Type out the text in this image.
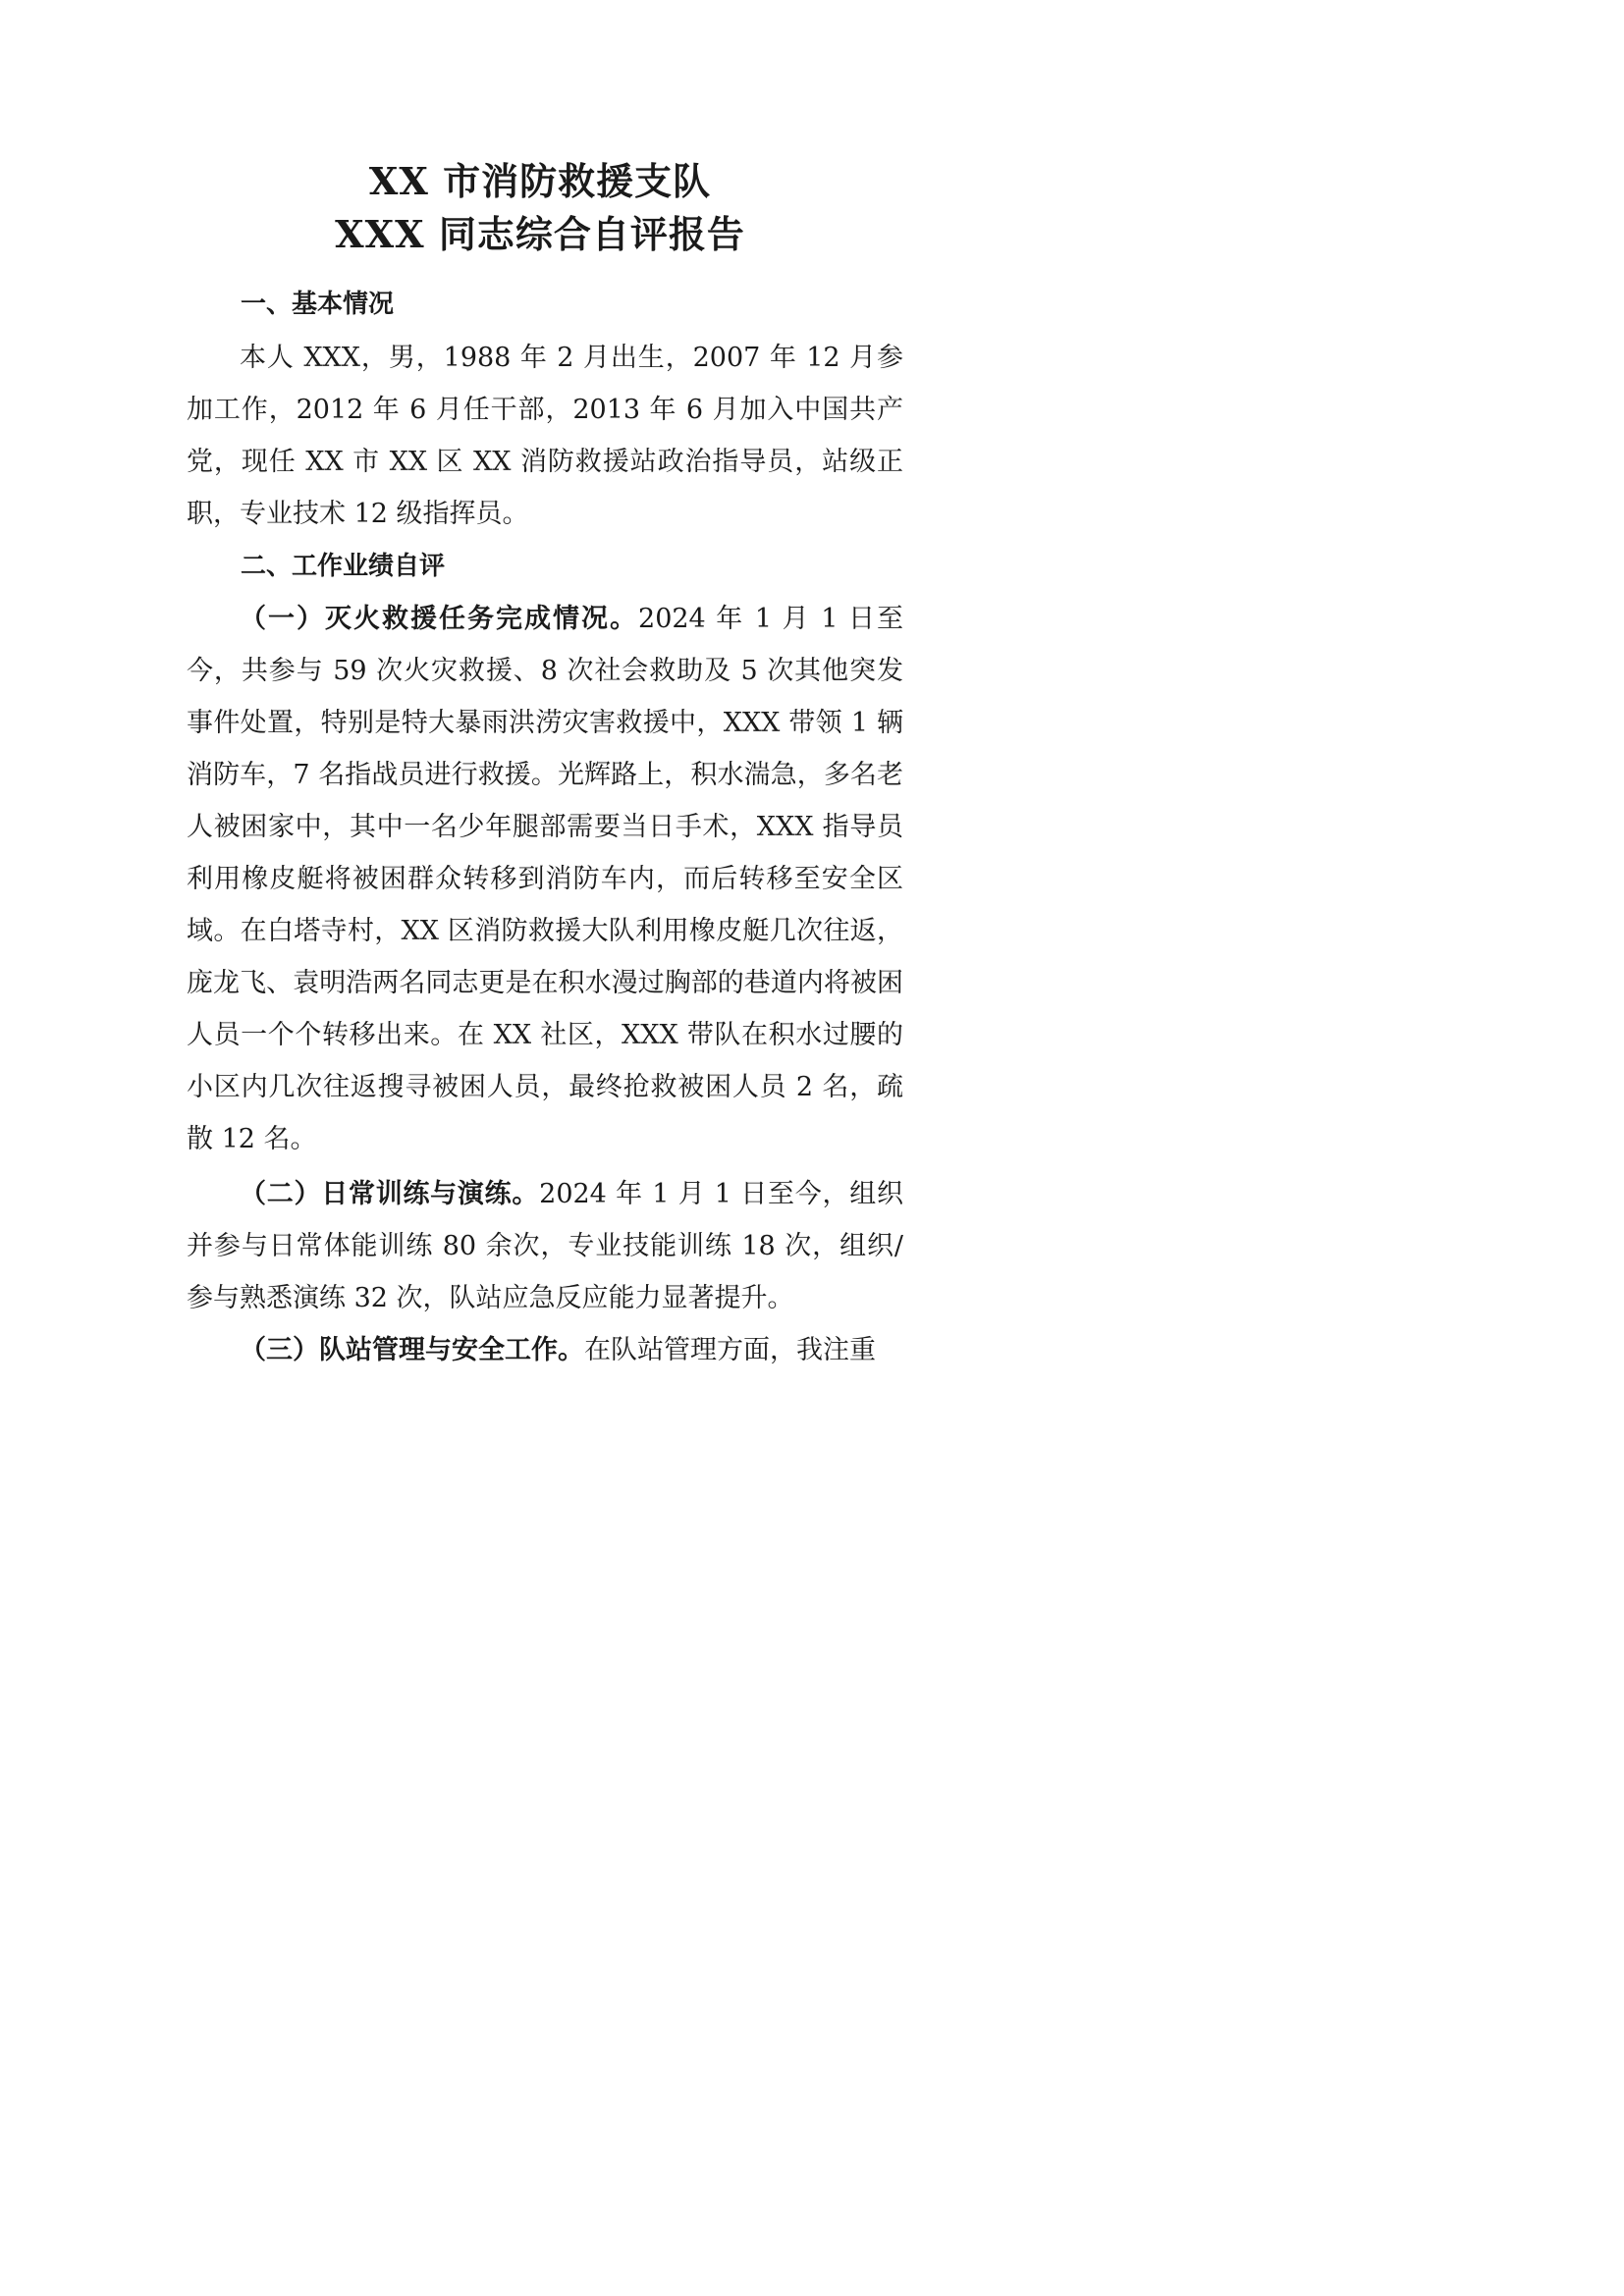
XX 市消防救援支队
XXX 同志综合自评报告
一、基本情况

本人 XXX，男，1988 年 2 月出生，2007 年 12 月参加工作，2012 年 6 月任干部，2013 年 6 月加入中国共产党，现任 XX 市 XX 区 XX 消防救援站政治指导员，站级正职，专业技术 12 级指挥员。

二、工作业绩自评

（一）灭火救援任务完成情况。2024 年 1 月 1 日至今，共参与 59 次火灾救援、8 次社会救助及 5 次其他突发事件处置，特别是特大暴雨洪涝灾害救援中，XXX 带领 1 辆消防车，7 名指战员进行救援。光辉路上，积水湍急，多名老人被困家中，其中一名少年腿部需要当日手术，XXX 指导员利用橡皮艇将被困群众转移到消防车内，而后转移至安全区域。在白塔寺村，XX 区消防救援大队利用橡皮艇几次往返，庞龙飞、袁明浩两名同志更是在积水漫过胸部的巷道内将被困人员一个个转移出来。在 XX 社区，XXX 带队在积水过腰的小区内几次往返搜寻被困人员，最终抢救被困人员 2 名，疏散 12 名。

（二）日常训练与演练。2024 年 1 月 1 日至今，组织并参与日常体能训练 80 余次，专业技能训练 18 次，组织/参与熟悉演练 32 次，队站应急反应能力显著提升。

（三）队站管理与安全工作。在队站管理方面，我注重
